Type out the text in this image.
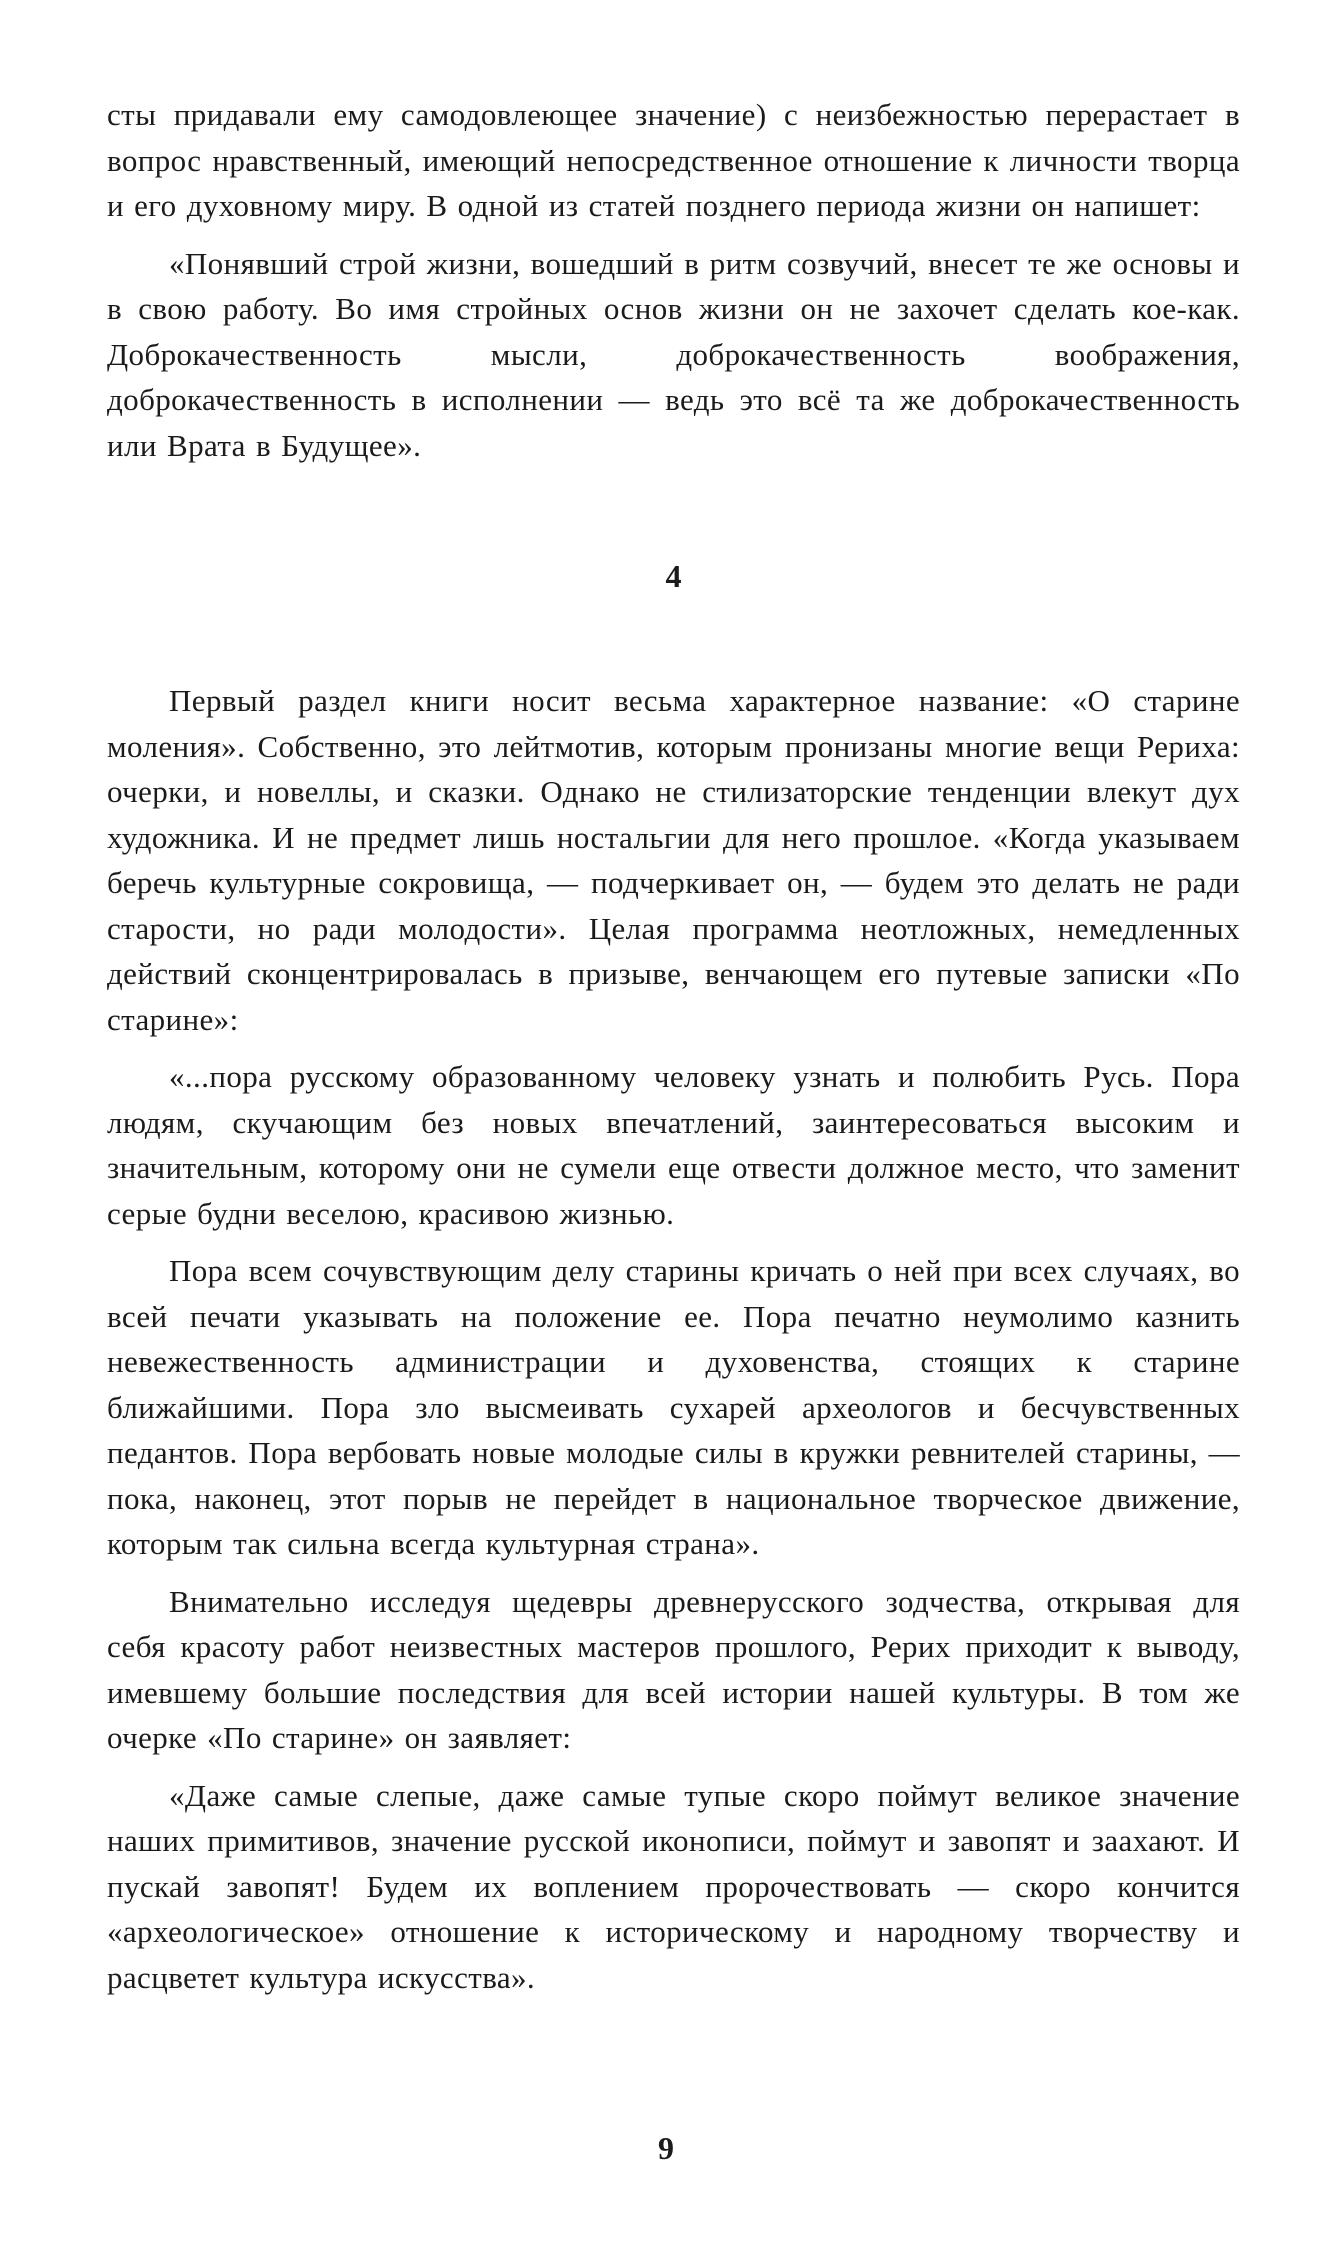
сты придавали ему самодовлеющее значение) с неизбежностью перерастает в вопрос нравственный, имеющий непосредственное отношение к личности творца и его духовному миру. В одной из статей позднего периода жизни он напишет:

«Понявший строй жизни, вошедший в ритм созвучий, внесет те же основы и в свою работу. Во имя стройных основ жизни он не захочет сделать кое-как. Доброкачественность мысли, доброкачественность воображения, доброкачественность в исполнении — ведь это всё та же доброкачественность или Врата в Будущее».

4

Первый раздел книги носит весьма характерное название: «О старине моления». Собственно, это лейтмотив, которым пронизаны многие вещи Рериха: очерки, и новеллы, и сказки. Однако не стилизаторские тенденции влекут дух художника. И не предмет лишь ностальгии для него прошлое. «Когда указываем беречь культурные сокровища, — подчеркивает он, — будем это делать не ради старости, но ради молодости». Целая программа неотложных, немедленных действий сконцентрировалась в призыве, венчающем его путевые записки «По старине»:

«...пора русскому образованному человеку узнать и полюбить Русь. Пора людям, скучающим без новых впечатлений, заинтересоваться высоким и значительным, которому они не сумели еще отвести должное место, что заменит серые будни веселою, красивою жизнью.

Пора всем сочувствующим делу старины кричать о ней при всех случаях, во всей печати указывать на положение ее. Пора печатно неумолимо казнить невежественность администрации и духовенства, стоящих к старине ближайшими. Пора зло высмеивать сухарей археологов и бесчувственных педантов. Пора вербовать новые молодые силы в кружки ревнителей старины, — пока, наконец, этот порыв не перейдет в национальное творческое движение, которым так сильна всегда культурная страна».

Внимательно исследуя щедевры древнерусского зодчества, открывая для себя красоту работ неизвестных мастеров прошлого, Рерих приходит к выводу, имевшему большие последствия для всей истории нашей культуры. В том же очерке «По старине» он заявляет:

«Даже самые слепые, даже самые тупые скоро поймут великое значение наших примитивов, значение русской иконописи, поймут и завопят и заахают. И пускай завопят! Будем их воплением пророчествовать — скоро кончится «археологическое» отношение к историческому и народному творчеству и расцветет культура искусства».

9
